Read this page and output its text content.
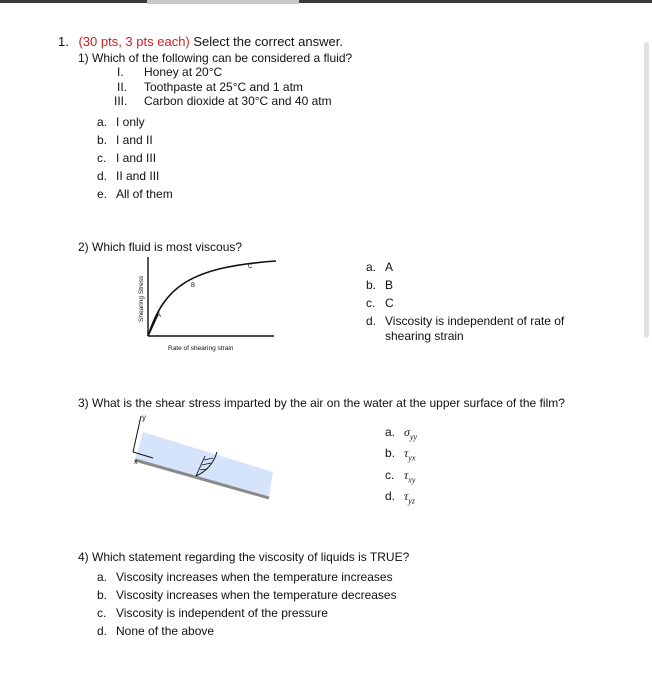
1. (30 pts, 3 pts each) Select the correct answer.
1) Which of the following can be considered a fluid?
I. Honey at 20°C
II. Toothpaste at 25°C and 1 atm
III. Carbon dioxide at 30°C and 40 atm
a. I only
b. I and II
c. I and III
d. II and III
e. All of them
2) Which fluid is most viscous?
A
B
C
Shearing Stress
Rate of shearing strain
a. A
b. B
c. C
d. Viscosity is independent of rate of
shearing strain
3) What is the shear stress imparted by the air on the water at the upper surface of the film?
y
x
a. $\sigma_{yy}$
b. $\tau_{yx}$
c. $\tau_{xy}$
d. $\tau_{yz}$
4) Which statement regarding the viscosity of liquids is TRUE?
a. Viscosity increases when the temperature increases
b. Viscosity increases when the temperature decreases
c. Viscosity is independent of the pressure
d. None of the above
